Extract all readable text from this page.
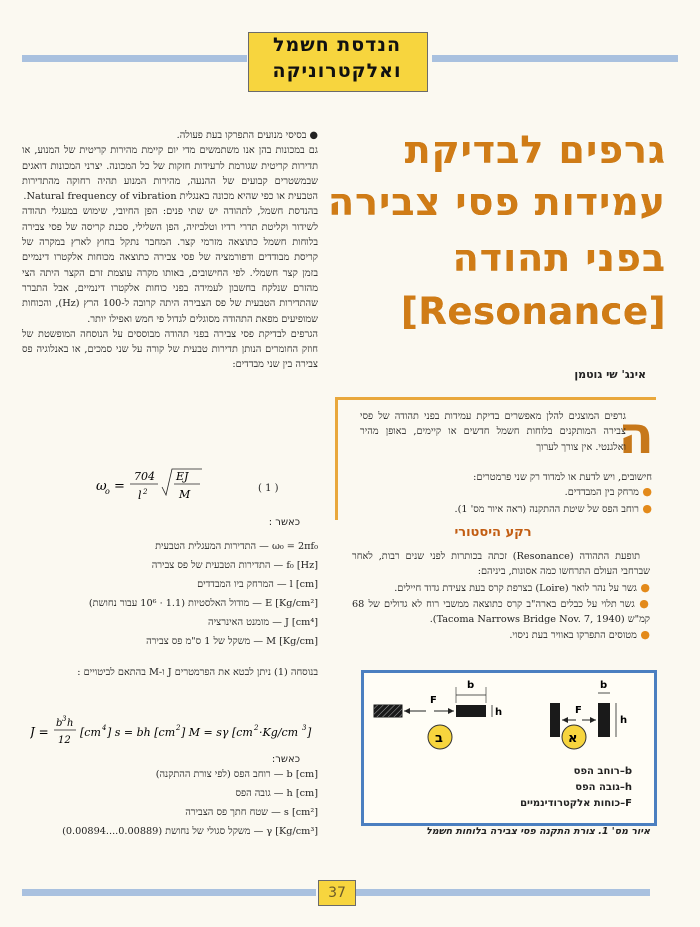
הנדסת חשמל
ואלקטרוניקה

● בסיסי מנועים התפרקו בעת פעולה.

גם במכונות בהן אנו משתמשים מדי יום קיימת מהירות קריטית של המנוע, או תדירות קריטית שגורמת לרעידות חזקות של כל המכונה. יצרני המכונות דואגים שבמשטרים קבועים של ההנעה, מהירות המנוע תהיה רחוקה מהתדירות הטבעית או כפי שהיא מכונה באנגלית Natural frequency of vibration.

בהנדסת חשמל, לתהודה יש שתי פנים: הפן החיובי, שימוש במעגלי תהודה לשידור וקליטת תדרי רדיו וטלביזיה, הפן השלילי, סכנת קריסה של פסי צבירה בלוחות חשמל כתוצאה מזרמי קצר. המחבר נתקל בחוץ לארץ במקרה של קריסת מבודדים ודפורמציה של פסי צבירה כתוצאה מכוחות אלקטרו דינמיים בזמן קצר חשמלי. לפי החישובים, באותו מקרה עוצמת זרם הקצר היתה הצי מהזרם שנלקח בחשבון לעמידה בפני כוחות אלקטרו דינמיים, אבל התברר שהתדירות הטבעית של פס הצבירה היתה קרובה ל-100 הרץ (Hz), והכוחות שמופיעים מפאת התהודה מסוגלים לגדול פי חמש ואפילו יותר.

הגרפים לבדיקת פסי צבירה בפני תהודה מבוססים על הנוסחה המופשטת של חוזק החומרים הנותן תדירות טבעית של קורה על שני סמכים, או באנלוגיה פס צבירה בין שני מבדדים:

ω
o =
704
l 2
EJ
M	( 1 )
כאשר :
ω₀ = 2πf₀ — התדירות המעגלית הטבעית
f₀ [Hz] — התדירות הטבעית של פס צבירה
l [cm] — המרחק ביו המבדדים
E [Kg/cm²] — מודול האלסטיות (1.1 · 10⁶ עבור נחושת)
J [cm⁴] — מומנט האינרציה
M [Kg/cm] — משקל של 1 ס"מ פס צבירה
בנוסחה (1) ניתן לבטא את הפרמטרים J ו-M בהתאם לביטויים :
J =
b 3 h
12
[cm 4 ] s = bh [cm 2 ] M = sγ [cm 2 ·Kg/cm 3 ]
כאשר:
b [cm] — רוחב הפס (לפי צורת ההתקנה)
h [cm] — גובה הפס
s [cm²] — שטח חתך פס הצבירה
γ [Kg/cm³] — משקל סגולי של נחושת (0.00889....0.00894)
גרפים לבדיקת
עמידות פסי צבירה
בפני תהודה
[Resonance]
אינג' שי גוטמן
ה
גרפים המוצגים להלן מאפשרים בדיקת עמידות בפני תהודה של פסי צבירה המותקנים בלוחות חשמל חדשים או קיימים, באופן מהיר ואלגנטי. אין צורך לערוך
חישובים, ויש לדעת או למדוד רק שני פרמטרים:
● מרחק בין המבדדים.
● רוחב הפס של שיטת ההתקנה (ראה איור מס' 1).
רקע היסטורי
תופעת התהודה (Resonance) זכתה בכותרות לפני שנים רבות, לאחר שברחבי העולם התרחשו כמה אסונות, ביניהם:
● גשר על נהר לואר (Loire) בצרפת קרס בעת צעידת גדוד חיילים.
● גשר תלוי על כבלים בארה"ב קרס כתוצאה ממשבי רוח לא גדולים של 68 קמ"ש (Tacoma Narrows Bridge Nov. 7, 1940).
● מטוסים התפרקו באוויר בעת ניסוי.
F
b
h
ב
F
b
h
א
b–רוחב הפס
h–גובה הפס
F–כוחות אלקטרודינמיים
איור מס' 1. צורת התקנה פסי צבירה בלוחות חשמל
37
